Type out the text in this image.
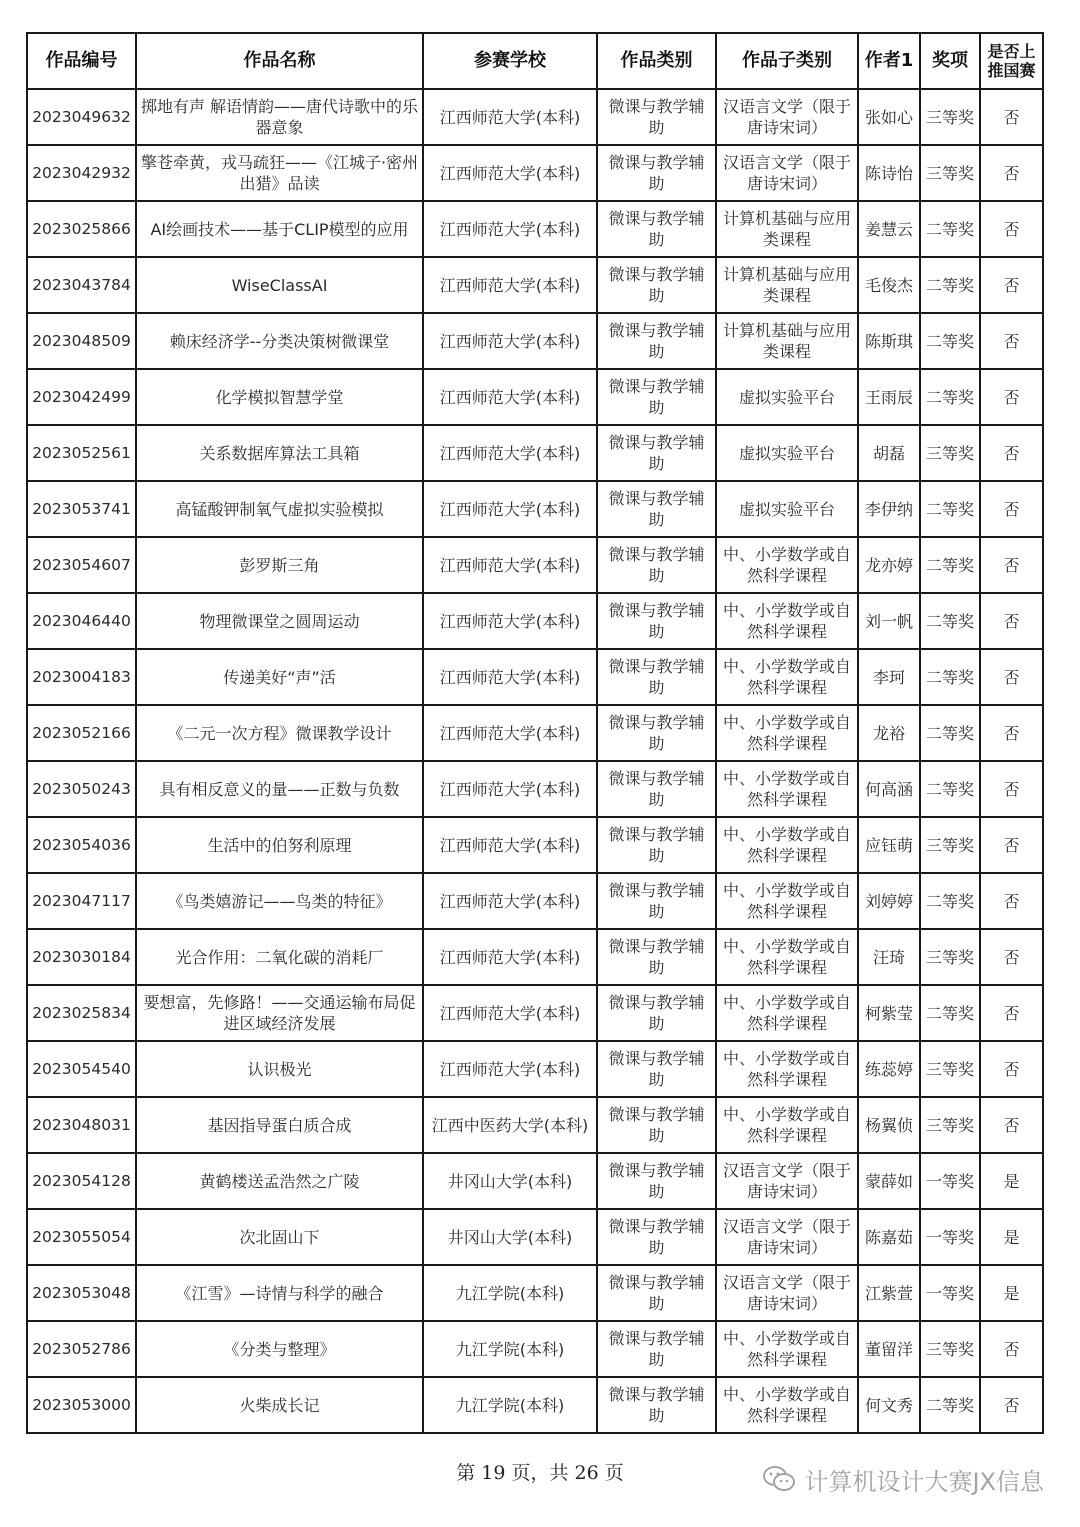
作品编号	作品名称	参赛学校	作品类别	作品子类别	作者1	奖项	是否上推国赛
2023049632	掷地有声 解语情韵——唐代诗歌中的乐器意象	江西师范大学(本科)	微课与教学辅助	汉语言文学（限于唐诗宋词）	张如心	三等奖	否
2023042932	擎苍牵黄，戎马疏狂——《江城子·密州出猎》品读	江西师范大学(本科)	微课与教学辅助	汉语言文学（限于唐诗宋词）	陈诗怡	三等奖	否
2023025866	AI绘画技术——基于CLIP模型的应用	江西师范大学(本科)	微课与教学辅助	计算机基础与应用类课程	姜慧云	二等奖	否
2023043784	WiseClassAI	江西师范大学(本科)	微课与教学辅助	计算机基础与应用类课程	毛俊杰	二等奖	否
2023048509	赖床经济学--分类决策树微课堂	江西师范大学(本科)	微课与教学辅助	计算机基础与应用类课程	陈斯琪	二等奖	否
2023042499	化学模拟智慧学堂	江西师范大学(本科)	微课与教学辅助	虚拟实验平台	王雨辰	二等奖	否
2023052561	关系数据库算法工具箱	江西师范大学(本科)	微课与教学辅助	虚拟实验平台	胡磊	三等奖	否
2023053741	高锰酸钾制氧气虚拟实验模拟	江西师范大学(本科)	微课与教学辅助	虚拟实验平台	李伊纳	二等奖	否
2023054607	彭罗斯三角	江西师范大学(本科)	微课与教学辅助	中、小学数学或自然科学课程	龙亦婷	二等奖	否
2023046440	物理微课堂之圆周运动	江西师范大学(本科)	微课与教学辅助	中、小学数学或自然科学课程	刘一帆	二等奖	否
2023004183	传递美好“声”活	江西师范大学(本科)	微课与教学辅助	中、小学数学或自然科学课程	李珂	二等奖	否
2023052166	《二元一次方程》微课教学设计	江西师范大学(本科)	微课与教学辅助	中、小学数学或自然科学课程	龙裕	二等奖	否
2023050243	具有相反意义的量——正数与负数	江西师范大学(本科)	微课与教学辅助	中、小学数学或自然科学课程	何高涵	二等奖	否
2023054036	生活中的伯努利原理	江西师范大学(本科)	微课与教学辅助	中、小学数学或自然科学课程	应钰萌	三等奖	否
2023047117	《鸟类嬉游记——鸟类的特征》	江西师范大学(本科)	微课与教学辅助	中、小学数学或自然科学课程	刘婷婷	二等奖	否
2023030184	光合作用：二氧化碳的消耗厂	江西师范大学(本科)	微课与教学辅助	中、小学数学或自然科学课程	汪琦	三等奖	否
2023025834	要想富，先修路！——交通运输布局促进区域经济发展	江西师范大学(本科)	微课与教学辅助	中、小学数学或自然科学课程	柯紫莹	二等奖	否
2023054540	认识极光	江西师范大学(本科)	微课与教学辅助	中、小学数学或自然科学课程	练蕊婷	三等奖	否
2023048031	基因指导蛋白质合成	江西中医药大学(本科)	微课与教学辅助	中、小学数学或自然科学课程	杨翼侦	三等奖	否
2023054128	黄鹤楼送孟浩然之广陵	井冈山大学(本科)	微课与教学辅助	汉语言文学（限于唐诗宋词）	蒙薛如	一等奖	是
2023055054	次北固山下	井冈山大学(本科)	微课与教学辅助	汉语言文学（限于唐诗宋词）	陈嘉茹	一等奖	是
2023053048	《江雪》—诗情与科学的融合	九江学院(本科)	微课与教学辅助	汉语言文学（限于唐诗宋词）	江紫萱	一等奖	是
2023052786	《分类与整理》	九江学院(本科)	微课与教学辅助	中、小学数学或自然科学课程	董留洋	三等奖	否
2023053000	火柴成长记	九江学院(本科)	微课与教学辅助	中、小学数学或自然科学课程	何文秀	二等奖	否
第 19 页，共 26 页	计算机设计大赛JX信息
